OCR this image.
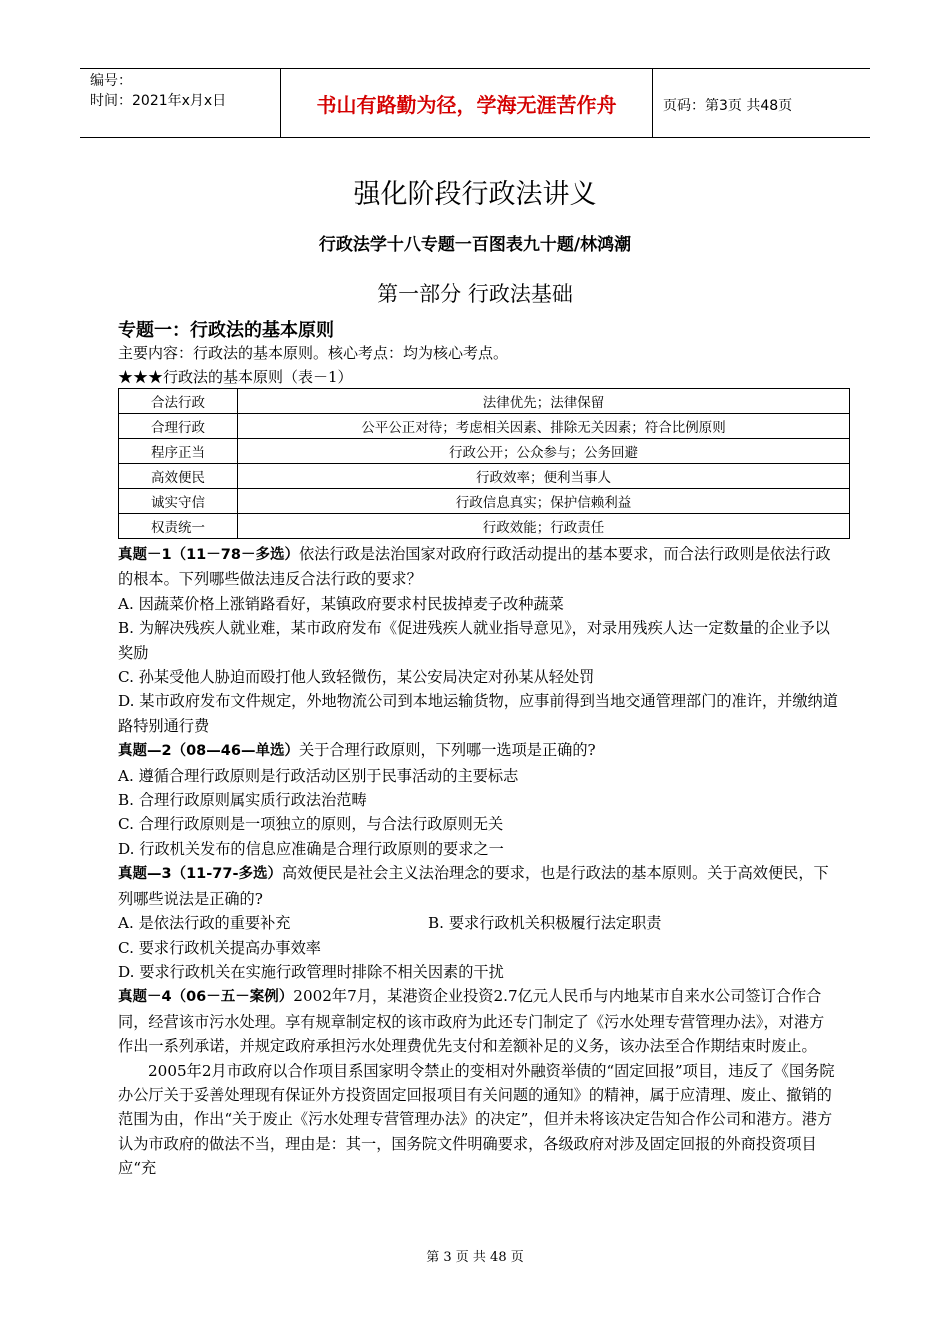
编号：
时间：2021年x月x日	书山有路勤为径，学海无涯苦作舟	页码：第3页 共48页
强化阶段行政法讲义
行政法学十八专题一百图表九十题/林鸿潮
第一部分 行政法基础
专题一：行政法的基本原则
主要内容：行政法的基本原则。核心考点：均为核心考点。
★★★行政法的基本原则（表－1）
合法行政	法律优先；法律保留
合理行政	公平公正对待；考虑相关因素、排除无关因素；符合比例原则
程序正当	行政公开；公众参与；公务回避
高效便民	行政效率；便利当事人
诚实守信	行政信息真实；保护信赖利益
权责统一	行政效能；行政责任

真题－1（11－78－多选）依法行政是法治国家对政府行政活动提出的基本要求，而合法行政则是依法行政的根本。下列哪些做法违反合法行政的要求？

A. 因蔬菜价格上涨销路看好，某镇政府要求村民拔掉麦子改种蔬菜

B. 为解决残疾人就业难，某市政府发布《促进残疾人就业指导意见》，对录用残疾人达一定数量的企业予以奖励

C. 孙某受他人胁迫而殴打他人致轻微伤，某公安局决定对孙某从轻处罚

D. 某市政府发布文件规定，外地物流公司到本地运输货物，应事前得到当地交通管理部门的准许，并缴纳道路特别通行费

真题—2（08—46—单选）关于合理行政原则，下列哪一选项是正确的?

A. 遵循合理行政原则是行政活动区别于民事活动的主要标志

B. 合理行政原则属实质行政法治范畴

C. 合理行政原则是一项独立的原则，与合法行政原则无关

D. 行政机关发布的信息应准确是合理行政原则的要求之一

真题—3（11-77-多选）高效便民是社会主义法治理念的要求，也是行政法的基本原则。关于高效便民，下列哪些说法是正确的?

A. 是依法行政的重要补充	B. 要求行政机关积极履行法定职责
C. 要求行政机关提高办事效率

D. 要求行政机关在实施行政管理时排除不相关因素的干扰

真题－4（06－五－案例）2002年7月，某港资企业投资2.7亿元人民币与内地某市自来水公司签订合作合同，经营该市污水处理。享有规章制定权的该市政府为此还专门制定了《污水处理专营管理办法》，对港方作出一系列承诺，并规定政府承担污水处理费优先支付和差额补足的义务，该办法至合作期结束时废止。

2005年2月市政府以合作项目系国家明令禁止的变相对外融资举债的“固定回报”项目，违反了《国务院办公厅关于妥善处理现有保证外方投资固定回报项目有关问题的通知》的精神，属于应清理、废止、撤销的范围为由，作出“关于废止《污水处理专营管理办法》的决定”，但并未将该决定告知合作公司和港方。港方认为市政府的做法不当，理由是：其一，国务院文件明确要求，各级政府对涉及固定回报的外商投资项目应“充

第 3 页 共 48 页
